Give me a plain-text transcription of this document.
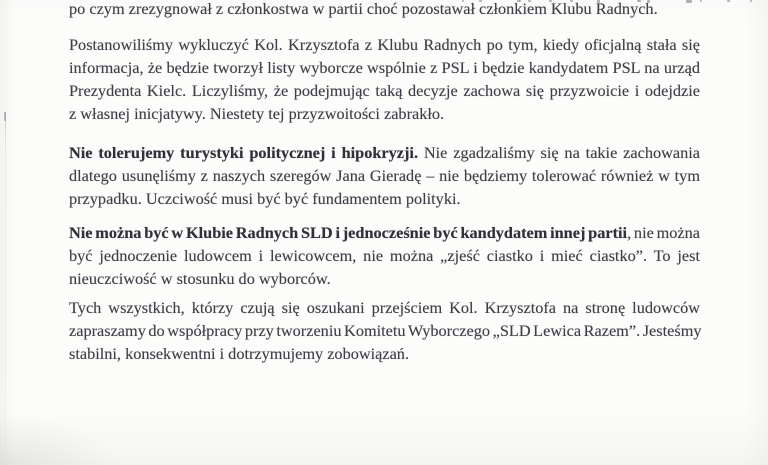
po czym zrezygnował z członkostwa w partii choć pozostawał członkiem Klubu Radnych.
Postanowiliśmy wykluczyć Kol. Krzysztofa z Klubu Radnych po tym, kiedy oficjalną stała się
informacja, że będzie tworzył listy wyborcze wspólnie z PSL i będzie kandydatem PSL na urząd
Prezydenta Kielc. Liczyliśmy, że podejmując taką decyzje zachowa się przyzwoicie i odejdzie
z własnej inicjatywy. Niestety tej przyzwoitości zabrakło.
Nie tolerujemy turystyki politycznej i hipokryzji. Nie zgadzaliśmy się na takie zachowania
dlatego usunęliśmy z naszych szeregów Jana Gieradę – nie będziemy tolerować również w tym
przypadku. Uczciwość musi być być fundamentem polityki.
Nie można być w Klubie Radnych SLD i jednocześnie być kandydatem innej partii, nie można
być jednoczenie ludowcem i lewicowcem, nie można „zjeść ciastko i mieć ciastko”. To jest
nieuczciwość w stosunku do wyborców.
Tych wszystkich, którzy czują się oszukani przejściem Kol. Krzysztofa na stronę ludowców
zapraszamy do współpracy przy tworzeniu Komitetu Wyborczego „SLD Lewica Razem”. Jesteśmy
stabilni, konsekwentni i dotrzymujemy zobowiązań.
